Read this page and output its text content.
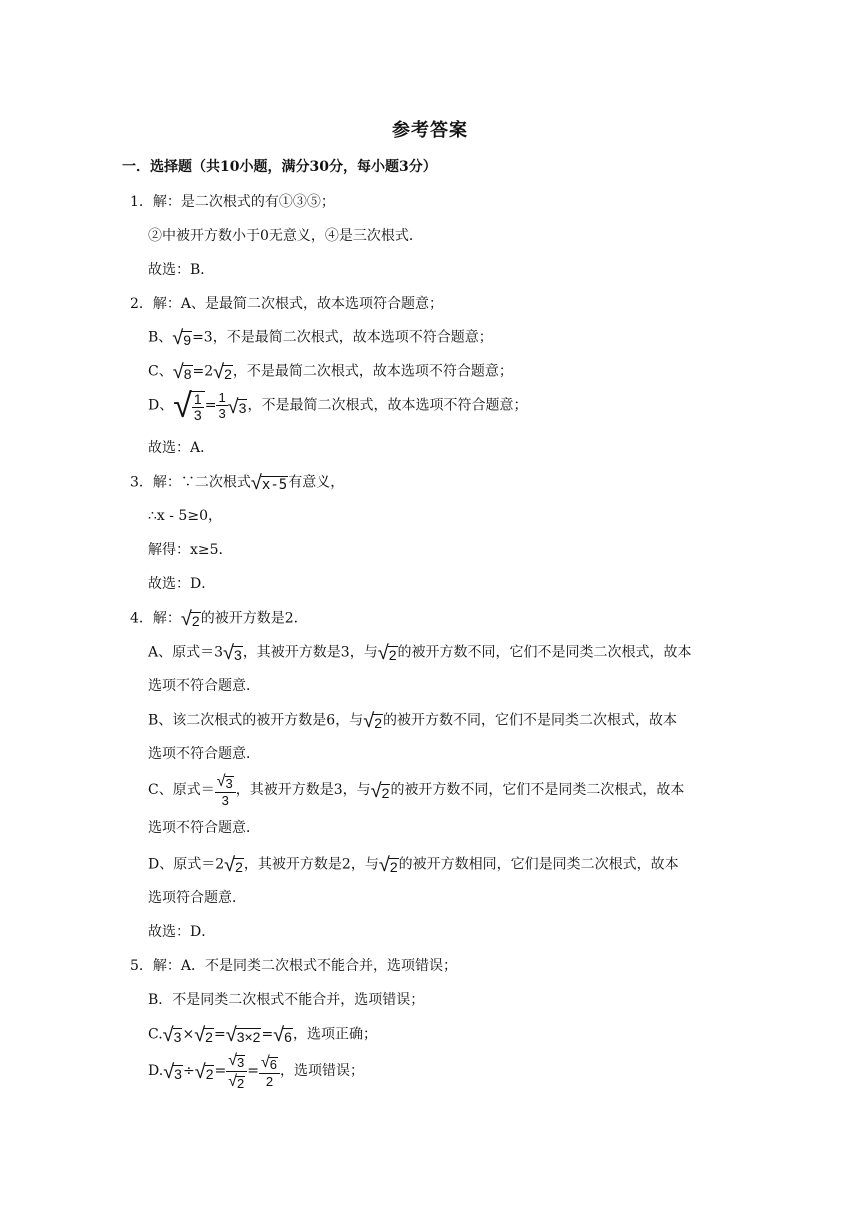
参考答案
一．选择题（共10小题，满分30分，每小题3分）
1．解：是二次根式的有①③⑤；
②中被开方数小于0无意义，④是三次根式．
故选：B．
2．解：A、是最简二次根式，故本选项符合题意；
B、√9=3，不是最简二次根式，故本选项不符合题意；
C、√8=2√2，不是最简二次根式，故本选项不符合题意；
D、√ $\frac{1}{3} = \frac{1}{3} √3$，不是最简二次根式，故本选项不符合题意；
故选：A．
3．解：∵二次根式√x-5有意义，
∴x - 5≥0，
解得：x≥5．
故选：D．
4．解：√2的被开方数是2．
A、原式＝3√3，其被开方数是3，与√2的被开方数不同，它们不是同类二次根式，故本
选项不符合题意．
B、该二次根式的被开方数是6，与√2的被开方数不同，它们不是同类二次根式，故本
选项不符合题意．
C、原式＝ $\frac{√3}{3}$ ，其被开方数是3，与√2的被开方数不同，它们不是同类二次根式，故本
选项不符合题意．
D、原式＝2√2，其被开方数是2，与√2的被开方数相同，它们是同类二次根式，故本
选项符合题意．
故选：D．
5．解：A．不是同类二次根式不能合并，选项错误；
B．不是同类二次根式不能合并，选项错误；
C.√3×√2=√3×2=√6，选项正确；
$D.√3\div√2= \frac{√3}{√2} = \frac{√6}{2}$ ，选项错误；
